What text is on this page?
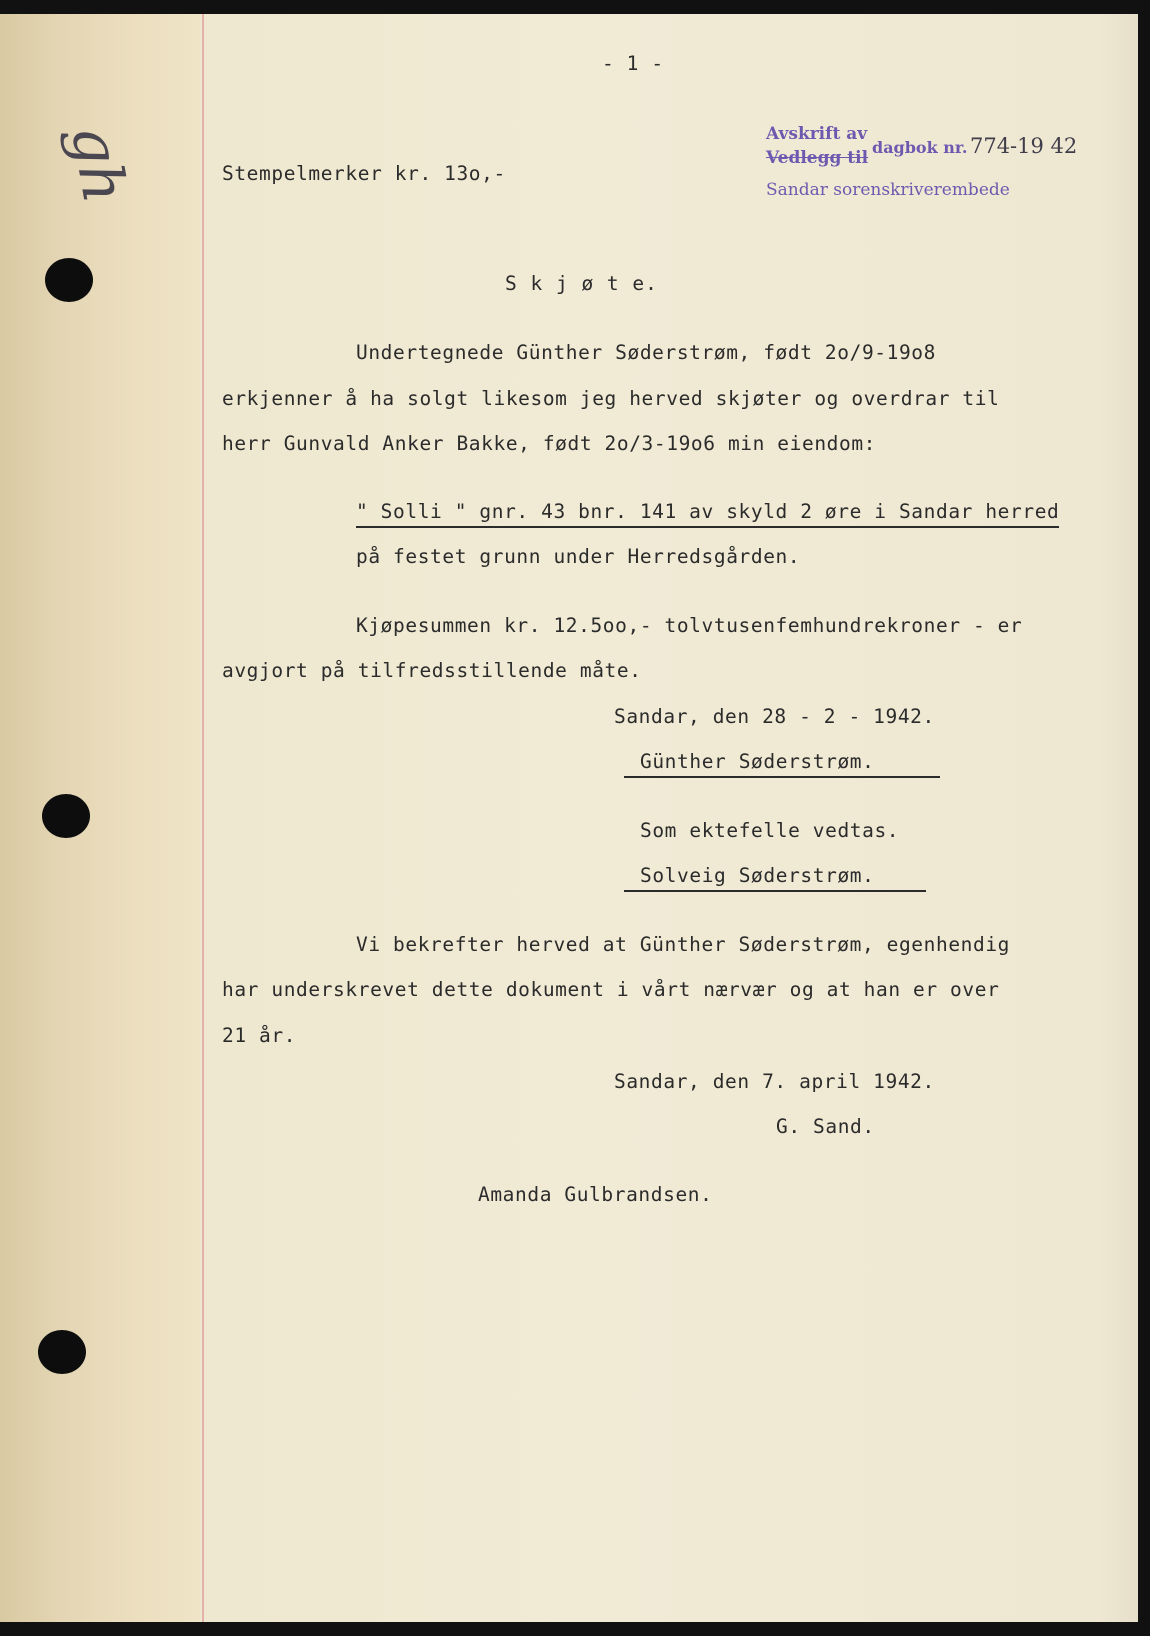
gh
- 1 -
Stempelmerker kr. 13o,-
Avskrift av
Vedlegg til
dagbok nr. 774 -19 42
Sandar sorenskriverembede
S k j ø t e.
Undertegnede Günther Søderstrøm, født 2o/9-19o8
erkjenner å ha solgt likesom jeg herved skjøter og overdrar til
herr Gunvald Anker Bakke, født 2o/3-19o6 min eiendom:
" Solli " gnr. 43 bnr. 141 av skyld 2 øre i Sandar herred
på festet grunn under Herredsgården.
Kjøpesummen kr. 12.5oo,- tolvtusenfemhundrekroner - er
avgjort på tilfredsstillende måte.
Sandar, den 28 - 2 - 1942.
Günther Søderstrøm.
Som ektefelle vedtas.
Solveig Søderstrøm.
Vi bekrefter herved at Günther Søderstrøm, egenhendig
har underskrevet dette dokument i vårt nærvær og at han er over
21 år.
Sandar, den 7. april 1942.
G. Sand.
Amanda Gulbrandsen.
